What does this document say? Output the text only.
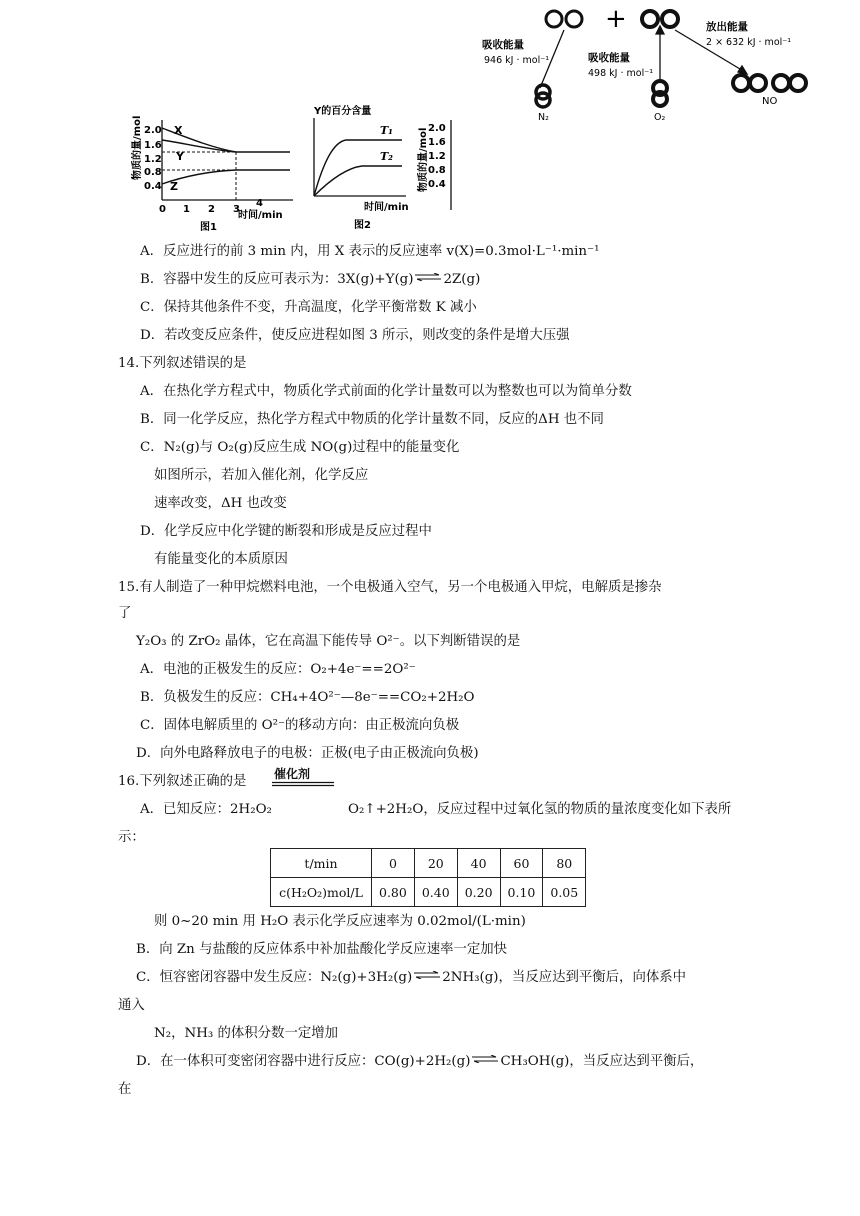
+
吸收能量
946 kJ · mol⁻¹	吸收能量
498 kJ · mol⁻¹
放出能量
2 × 632 kJ · mol⁻¹
N₂	O₂
NO
物质的量/mol 2.0
1.6
1.2
0.8
0.4
X
Y
Z
0 1 2 3
4
时间/min
图1
Y的百分含量
T₁
T₂
时间/min
图2
2.0
1.6
1.2
0.8
0.4
物质的量/mol
A．反应进行的前 3 min 内，用 X 表示的反应速率 v(X)=0.3mol·L⁻¹·min⁻¹
B．容器中发生的反应可表示为：3X(g)+Y(g) ⇌ 2Z(g)
C．保持其他条件不变，升高温度，化学平衡常数 K 减小
D．若改变反应条件，使反应进程如图 3 所示，则改变的条件是增大压强
14.下列叙述错误的是
A．在热化学方程式中，物质化学式前面的化学计量数可以为整数也可以为简单分数
B．同一化学反应，热化学方程式中物质的化学计量数不同，反应的ΔH 也不同
C．N₂(g)与 O₂(g)反应生成 NO(g)过程中的能量变化
如图所示，若加入催化剂，化学反应
速率改变，ΔH 也改变
D．化学反应中化学键的断裂和形成是反应过程中
有能量变化的本质原因
15.有人制造了一种甲烷燃料电池，一个电极通入空气，另一个电极通入甲烷，电解质是掺杂
了
Y₂O₃ 的 ZrO₂ 晶体，它在高温下能传导 O²⁻。以下判断错误的是
A．电池的正极发生的反应：O₂+4e⁻==2O²⁻
B．负极发生的反应：CH₄+4O²⁻—8e⁻==CO₂+2H₂O
C．固体电解质里的 O²⁻的移动方向：由正极流向负极
D．向外电路释放电子的电极：正极(电子由正极流向负极)
16.下列叙述正确的是 催化剂
A．已知反应：2H₂O₂	O₂↑+2H₂O，反应过程中过氧化氢的物质的量浓度变化如下表所
示：
t/min	0	20	40	60	80
c(H₂O₂)mol/L	0.80	0.40	0.20	0.10	0.05
则 0~20 min 用 H₂O 表示化学反应速率为 0.02mol/(L·min)
B．向 Zn 与盐酸的反应体系中补加盐酸化学反应速率一定加快
C．恒容密闭容器中发生反应：N₂(g)+3H₂(g) ⇌ 2NH₃(g)，当反应达到平衡后，向体系中
通入
N₂，NH₃ 的体积分数一定增加
D．在一体积可变密闭容器中进行反应：CO(g)+2H₂(g) ⇌ CH₃OH(g)，当反应达到平衡后，
在
